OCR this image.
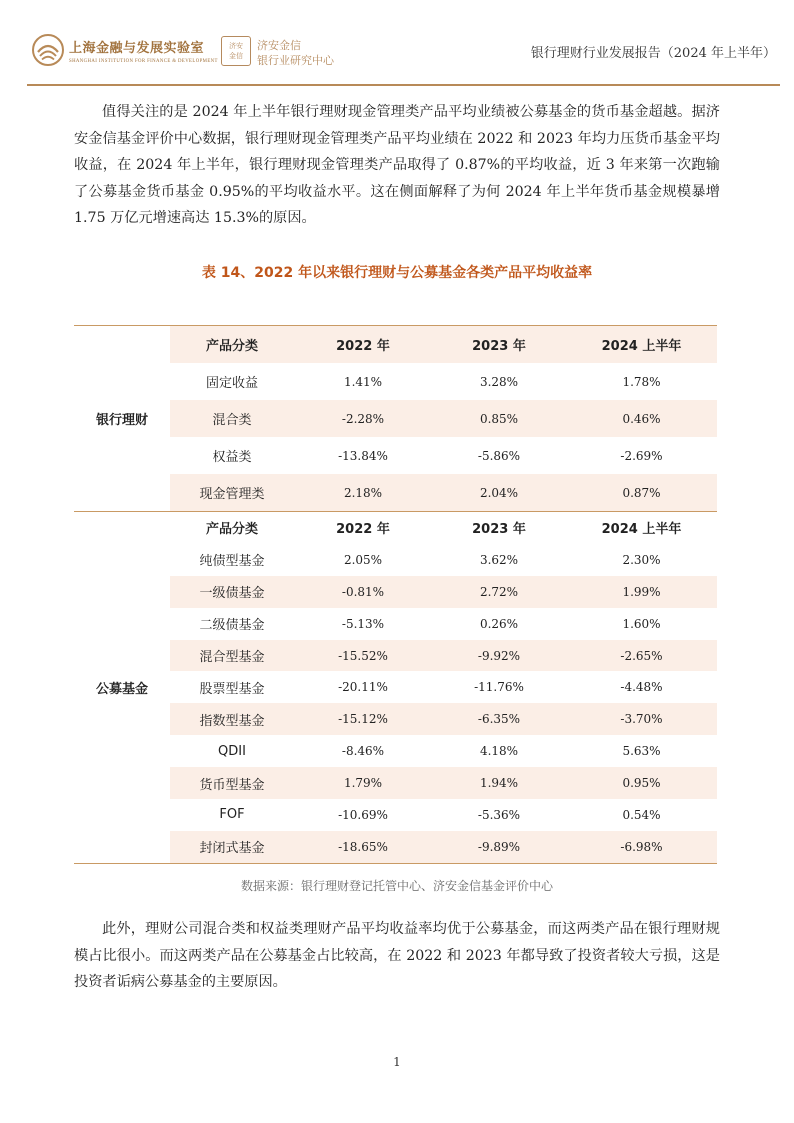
上海金融与发展实验室
SHANGHAI INSTITUTION FOR FINANCE & DEVELOPMENT
济安金信
济安金信
银行业研究中心	银行理财行业发展报告（2024 年上半年）
值得关注的是 2024 年上半年银行理财现金管理类产品平均业绩被公募基金的货币基金超越。据济安金信基金评价中心数据，银行理财现金管理类产品平均业绩在 2022 和 2023 年均力压货币基金平均收益，在 2024 年上半年，银行理财现金管理类产品取得了 0.87%的平均收益，近 3 年来第一次跑输了公募基金货币基金 0.95%的平均收益水平。这在侧面解释了为何 2024 年上半年货币基金规模暴增 1.75 万亿元增速高达 15.3%的原因。
表 14、2022 年以来银行理财与公募基金各类产品平均收益率
银行理财	产品分类	2022 年	2023 年	2024 上半年
	固定收益	1.41%	3.28%	1.78%
	混合类	-2.28%	0.85%	0.46%
	权益类	-13.84%	-5.86%	-2.69%
	现金管理类	2.18%	2.04%	0.87%
公募基金	产品分类	2022 年	2023 年	2024 上半年
	纯债型基金	2.05%	3.62%	2.30%
	一级债基金	-0.81%	2.72%	1.99%
	二级债基金	-5.13%	0.26%	1.60%
	混合型基金	-15.52%	-9.92%	-2.65%
	股票型基金	-20.11%	-11.76%	-4.48%
	指数型基金	-15.12%	-6.35%	-3.70%
	QDII	-8.46%	4.18%	5.63%
	货币型基金	1.79%	1.94%	0.95%
	FOF	-10.69%	-5.36%	0.54%
	封闭式基金	-18.65%	-9.89%	-6.98%
数据来源：银行理财登记托管中心、济安金信基金评价中心
此外，理财公司混合类和权益类理财产品平均收益率均优于公募基金，而这两类产品在银行理财规模占比很小。而这两类产品在公募基金占比较高，在 2022 和 2023 年都导致了投资者较大亏损，这是投资者诟病公募基金的主要原因。
1
